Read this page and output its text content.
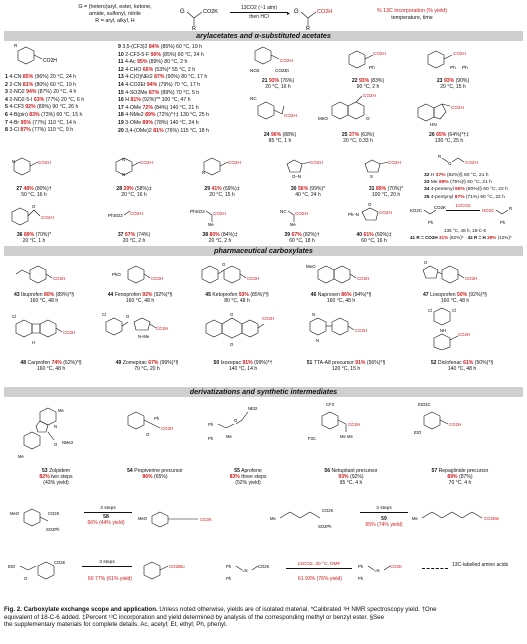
G = (hetero)aryl, ester, ketone,
amide, sulfonyl, nitrile
R = aryl, alkyl, H
G
R
CO2K
13CO2 (~1 atm)
▸
then HCl
G
R
CO2H	% 13C incorporation (% yield)
temperature, time
arylacetates and α-substituted acetates
CO2H
R
1 4-CN 85% (96%) 20 °C, 24 h
2 2-CN 81% (80%) 60 °C, 19 h
3 2-NO2 94% (87%) 20 °C, 4 h
4 2-NO2-5-I 63% (77%) 20 °C, 6 h
5 4-CF3 92% (89%) 90 °C, 26 h
6 4-B(pin) 83% (73%) 60 °C, 15 h
7 4-Br 95% (77%) 110 °C, 14 h
8 3-Cl 87% (77%) 110 °C, 9 h
9 3,5-(CF3)2 84% (85%) 60 °C, 19 h
10 2-CF3-5-F 90% (85%) 60 °C, 24 h
11 4-Ac 95% (89%) 80 °C, 2 h
12 4-CHO 66% (53%)* 55 °C, 2 h
13 4-C(O)NEt2 87% (90%) 80 °C, 17 h
14 4-CO2Et 94% (79%) 70 °C, 17 h
15 4-SO2Me 87% (89%) 70 °C, 5 h
16 H 81% (92%)** 100 °C, 47 h
17 4-OMe 72% (84%) 140 °C, 21 h
18 4-NMe2 89% (72%)*†‡ 130 °C, 25 h
19 3-OMe 89% (78%) 140 °C, 24 h
20 3,4-(OMe)2 81% (76%) 115 °C, 18 h
CO2H
NO2	CO2Et
21 93% (76%)
20 °C, 16 h
CO2H
Ph
22 93% (83%)
90 °C, 2 h
CO2H
Ph Ph
23 93% (90%)
20 °C, 15 h
NC
CO2H
24 96% (88%)
85 °C, 1 h
MeO	O
CO2H
25 27% (63%)
20 °C, 0.33 h
HN
CO2H
26 65% (64%)*†‡
130 °C, 25 h
N	CO2H
N
N
CO2H
N
CO2H
O–N
CO2H
S
CO2H
27 48% (80%)†
50 °C, 16 h
28 29% (58%)‡
20 °C, 16 h
29 41% (69%)‡
20 °C, 15 h
30 56% (99%)*
40 °C, 24 h
31 89% (70%)*
100 °C, 20 h
R
O	CO2H
32 H 37% (82%)§ 60 °C, 21 h
33 Me 89% (75%)§ 60 °C, 21 h
34 4-pentenyl 90% (80%)§ 60 °C, 22 h
35 4-pentynyl 87% (71%) 60 °C, 22 h
O
CO2H	PhSO2 CO2H	PhSO2 CO2H
Me
NC CO2H
Me
Ph–N
O
CO2H
36 89% (70%)*
20 °C, 1 h
37 67% (74%)
20 °C, 2 h
38 80% (84%)‡
20 °C, 2 h
39 67% (82%)†
60 °C, 18 h
40 61% (60%)‡
60 °C, 16 h
KO2C
CO2K
Ph
13CO2
HO2C	R
Ph
135 °C, 48 h, 18-C-6
41 R = CO2H 31% (82%)* · 42 R = H 39% (12%)*
pharmaceutical carboxylates
CO2H
PhO
CO2H
O
CO2H
MeO
CO2H
O
CO2H
43 Ibuprofen 80% (89%)*§
160 °C, 48 h
44 Fenoprofen 92% (92%)*§
160 °C, 48 h
45 Ketoprofen 93% (85%)*§
80 °C, 48 h
46 Naproxen 86% (94%)*§
160 °C, 48 h
47 Loxoprofen 50% (92%)*§
160 °C, 48 h
Cl
H
CO2H
Cl	O
N–Me
CO2H
O
O
CO2H
N
N
CO2H
Cl	Cl
NH
CO2H
48 Carprofen 74% (62%)*§
160 °C, 48 h
49 Zomepirac 67% (99%)*§
70 °C, 20 h
50 Isoxepac 91% (99%)*†
140 °C, 14 h
51 TTA-A8 precursor 91% (56%)*§
120 °C, 15 h
52 Diclofenac 61% (50%)*§
140 °C, 48 h
derivatizations and synthetic intermediates
Me
N
Me
O NMe2
O
Ph
CO2H
NEt2
Ph
Ph	Me
O
CF3
F3C	Me Me
CO2H
EtO2C
EtO
CO2H
53 Zolpidem
82% two steps
(43% yield)
54 Propiverine precursor
86% (65%)
55 Aprofene
83% three steps
(52% yield)
56 Netupitant precursor
93% (92%)
95 °C, 4 h
57 Repaglinide precursor
89% (87%)
70 °C, 4 h
MeO	CO2K
SO2Ph
3 steps
MeO	CO2K
58
66% (44% yield)
Me
CO2K
SO2Ph
3 steps
59
65% (74% yield)
Me	CO2Me
EtO
O
CO2K	3 steps
60 77% (61% yield)
CO2tBu	Ph
Ph
=N
CO2K	13CO2, 20 °C, DMF
61 93% (76% yield)
Ph
Ph
=N
CO2K	13C-labelled amino acids
Fig. 2. Carboxylate exchange scope and application. Unless noted otherwise, yields are of isolated material. *Calibrated ¹H NMR spectroscopy yield. †One
equivalent of 18-C-6 added. ‡Percent ¹³C incorporation and yield determined by analysis of the corresponding methyl or benzyl ester. §See
the supplementary materials for complete details. Ac, acetyl; Et, ethyl; Ph, phenyl.
